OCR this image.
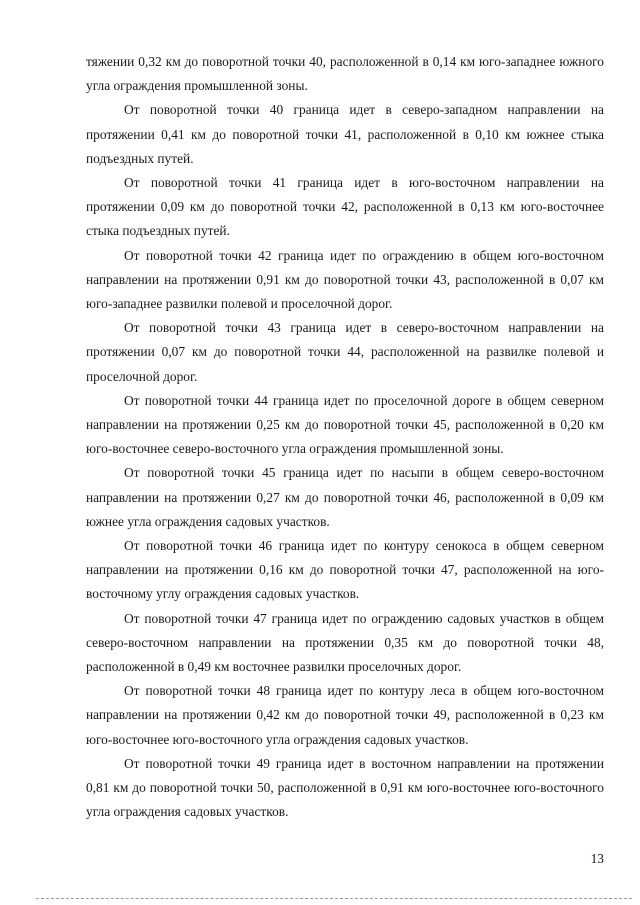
тяжении 0,32 км до поворотной точки 40, расположенной в 0,14 км юго-западнее южного угла ограждения промышленной зоны.

От поворотной точки 40 граница идет в северо-западном направлении на протяжении 0,41 км до поворотной точки 41, расположенной в 0,10 км южнее стыка подъездных путей.

От поворотной точки 41 граница идет в юго-восточном направлении на протяжении 0,09 км до поворотной точки 42, расположенной в 0,13 км юго-восточнее стыка подъездных путей.

От поворотной точки 42 граница идет по ограждению в общем юго-восточном направлении на протяжении 0,91 км до поворотной точки 43, расположенной в 0,07 км юго-западнее развилки полевой и проселочной дорог.

От поворотной точки 43 граница идет в северо-восточном направлении на протяжении 0,07 км до поворотной точки 44, расположенной на развилке полевой и проселочной дорог.

От поворотной точки 44 граница идет по проселочной дороге в общем северном направлении на протяжении 0,25 км до поворотной точки 45, расположенной в 0,20 км юго-восточнее северо-восточного угла ограждения промышленной зоны.

От поворотной точки 45 граница идет по насыпи в общем северо-восточном направлении на протяжении 0,27 км до поворотной точки 46, расположенной в 0,09 км южнее угла ограждения садовых участков.

От поворотной точки 46 граница идет по контуру сенокоса в общем северном направлении на протяжении 0,16 км до поворотной точки 47, расположенной на юго-восточному углу ограждения садовых участков.

От поворотной точки 47 граница идет по ограждению садовых участков в общем северо-восточном направлении на протяжении 0,35 км до поворотной точки 48, расположенной в 0,49 км восточнее развилки проселочных дорог.

От поворотной точки 48 граница идет по контуру леса в общем юго-восточном направлении на протяжении 0,42 км до поворотной точки 49, расположенной в 0,23 км юго-восточнее юго-восточного угла ограждения садовых участков.

От поворотной точки 49 граница идет в восточном направлении на протяжении 0,81 км до поворотной точки 50, расположенной в 0,91 км юго-восточнее юго-восточного угла ограждения садовых участков.

13
